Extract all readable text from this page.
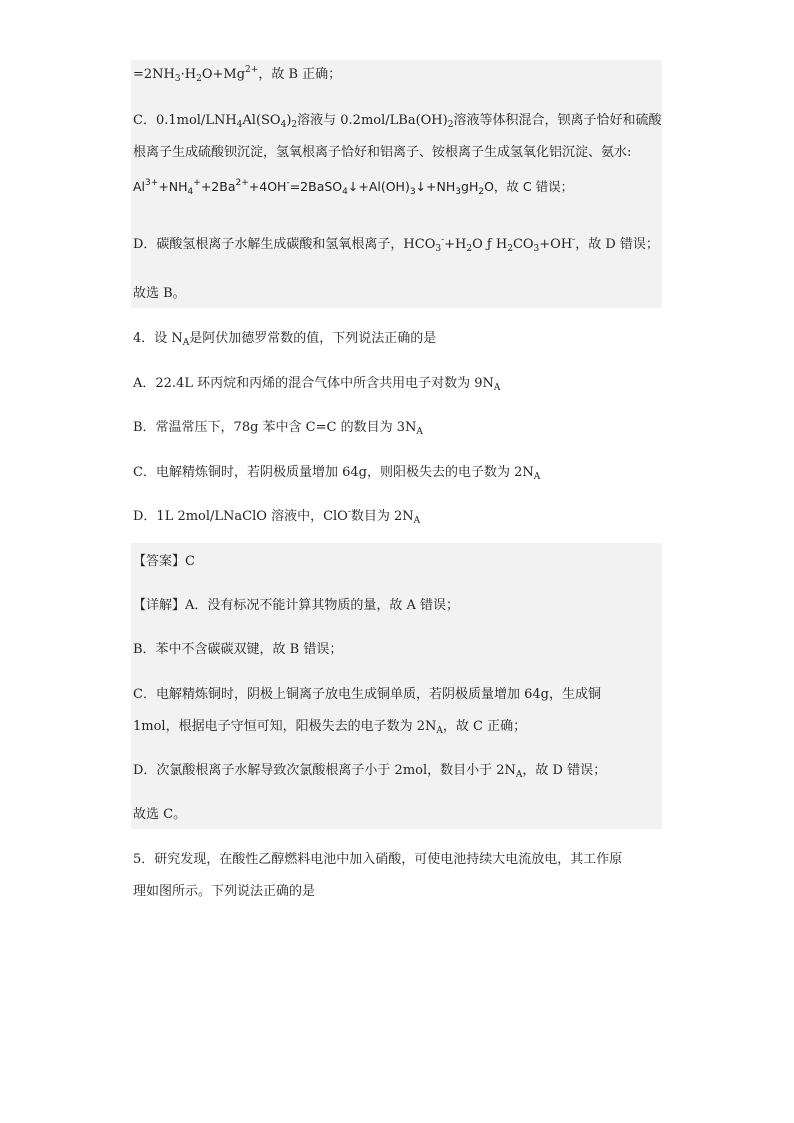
$=2NH_3\cdot H_2O+Mg^{2+}$，故 B 正确；
C．$0.1mol/LNH_4Al(SO_4)_2$溶液与 $0.2mol/LBa(OH)_2$溶液等体积混合，钡离子恰好和硫酸
根离子生成硫酸钡沉淀，氢氧根离子恰好和铝离子、铵根离子生成氢氧化铝沉淀、氨水:
$Al^{3+}+NH_4^++2Ba^{2+}+4OH^-=2BaSO_4↓+Al(OH)_3↓+NH_3gH_2O$，故 C 错误；
D．碳酸氢根离子水解生成碳酸和氢氧根离子，$HCO_3^-+H_2O$ ƒ $H_2CO_3+OH^-$，故 D 错误；
故选 B。
4．设 $N_A$是阿伏加德罗常数的值，下列说法正确的是
A．22.4L 环丙烷和丙烯的混合气体中所含共用电子对数为 $9N_A$
B．常温常压下，78g 苯中含 C=C 的数目为 $3N_A$
C．电解精炼铜时，若阴极质量增加 64g，则阳极失去的电子数为 $2N_A$
D．1L 2mol/LNaClO 溶液中，ClO-数目为 $2N_A$
【答案】C
【详解】A．没有标况不能计算其物质的量，故 A 错误；
B．苯中不含碳碳双键，故 B 错误；
C．电解精炼铜时，阴极上铜离子放电生成铜单质，若阴极质量增加 64g，生成铜
1mol，根据电子守恒可知，阳极失去的电子数为 $2N_A$，故 C 正确；
D．次氯酸根离子水解导致次氯酸根离子小于 2mol，数目小于 $2N_A$，故 D 错误；
故选 C。
5．研究发现，在酸性乙醇燃料电池中加入硝酸，可使电池持续大电流放电，其工作原
理如图所示。下列说法正确的是
